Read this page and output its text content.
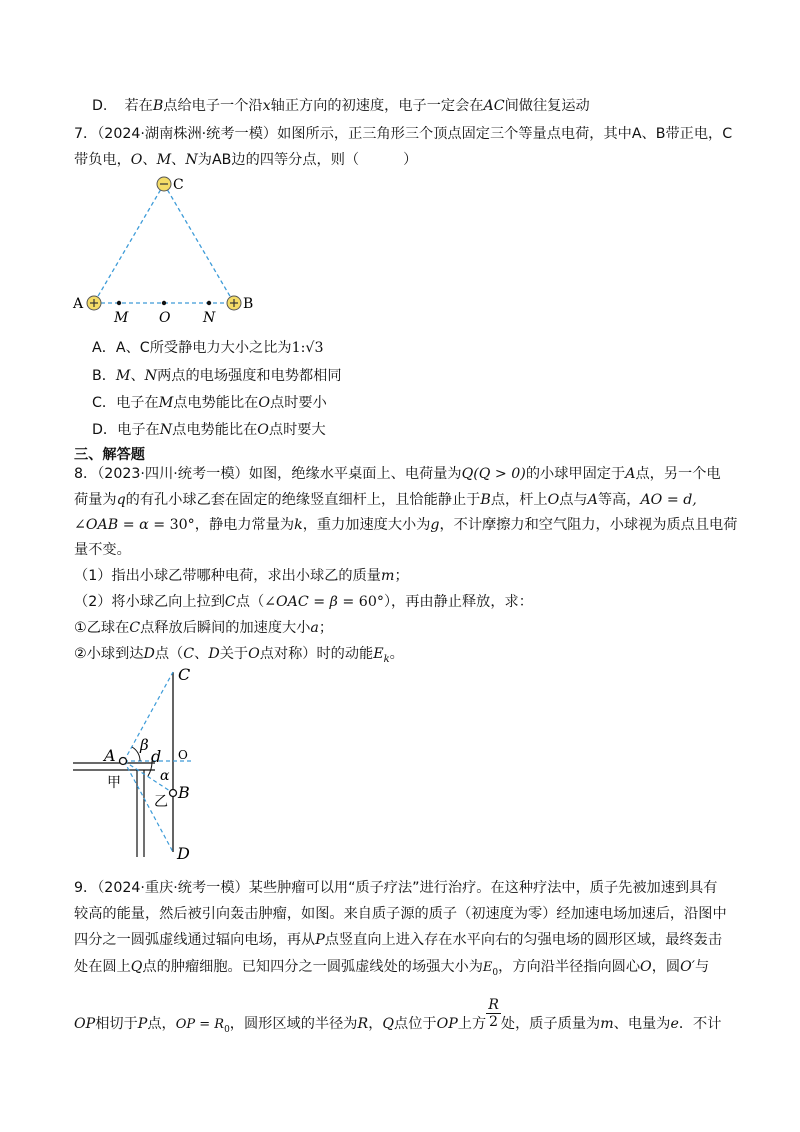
D. 若在B点给电子一个沿x轴正方向的初速度，电子一定会在AC间做往复运动
7．（2024·湖南株洲·统考一模）如图所示，正三角形三个顶点固定三个等量点电荷，其中A、B带正电，C
带负电，O、M、N为AB边的四等分点，则（	）
C
A	B
M O N
A．A、C所受静电力大小之比为1:√3
B．M、N两点的电场强度和电势都相同
C．电子在M点电势能比在O点时要小
D．电子在N点电势能比在O点时要大
三、解答题
8．（2023·四川·统考一模）如图，绝缘水平桌面上、电荷量为Q(Q > 0)的小球甲固定于A点，另一个电
荷量为q的有孔小球乙套在固定的绝缘竖直细杆上，且恰能静止于B点，杆上O点与A等高，AO = d,
∠OAB = α = 30°，静电力常量为k，重力加速度大小为g，不计摩擦力和空气阻力，小球视为质点且电荷
量不变。
（1）指出小球乙带哪种电荷，求出小球乙的质量m；
（2）将小球乙向上拉到C点（∠OAC = β = 60°），再由静止释放，求：
①乙球在C点释放后瞬间的加速度大小a；
②小球到达D点（C、D关于O点对称）时的动能$E_k$。
C
A
β
d O
α
B
甲
乙
D
9．（2024·重庆·统考一模）某些肿瘤可以用“质子疗法”进行治疗。在这种疗法中，质子先被加速到具有
较高的能量，然后被引向轰击肿瘤，如图。来自质子源的质子（初速度为零）经加速电场加速后，沿图中
四分之一圆弧虚线通过辐向电场，再从P点竖直向上进入存在水平向右的匀强电场的圆形区域，最终轰击
处在圆上Q点的肿瘤细胞。已知四分之一圆弧虚线处的场强大小为$E_0$，方向沿半径指向圆心O，圆O′与
OP相切于P点，OP = $R_0$，圆形区域的半径为R，Q点位于OP上方 $\frac{R}{2}$ 处，质子质量为m、电量为e．不计
